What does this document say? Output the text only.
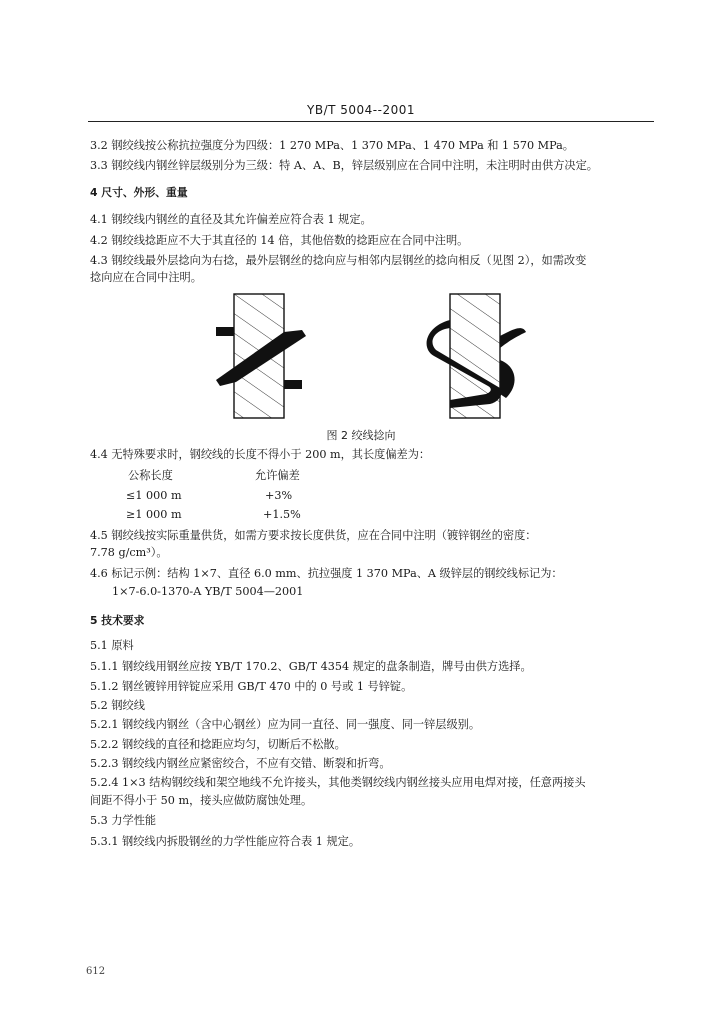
YB/T 5004--2001
3.2 钢绞线按公称抗拉强度分为四级：1 270 MPa、1 370 MPa、1 470 MPa 和 1 570 MPa。
3.3 钢绞线内钢丝锌层级别分为三级：特 A、A、B，锌层级别应在合同中注明，未注明时由供方决定。
4 尺寸、外形、重量
4.1 钢绞线内钢丝的直径及其允许偏差应符合表 1 规定。
4.2 钢绞线捻距应不大于其直径的 14 倍，其他倍数的捻距应在合同中注明。
4.3 钢绞线最外层捻向为右捻，最外层钢丝的捻向应与相邻内层钢丝的捻向相反（见图 2），如需改变
捻向应在合同中注明。
图 2 绞线捻向
4.4 无特殊要求时，钢绞线的长度不得小于 200 m，其长度偏差为：
公称长度	允许偏差
≤1 000 m	+3%
≥1 000 m	+1.5%
4.5 钢绞线按实际重量供货，如需方要求按长度供货，应在合同中注明（镀锌钢丝的密度：
7.78 g/cm³）。
4.6 标记示例：结构 1×7、直径 6.0 mm、抗拉强度 1 370 MPa、A 级锌层的钢绞线标记为：
1×7-6.0-1370-A YB/T 5004—2001
5 技术要求
5.1 原料
5.1.1 钢绞线用钢丝应按 YB/T 170.2、GB/T 4354 规定的盘条制造，牌号由供方选择。
5.1.2 钢丝镀锌用锌锭应采用 GB/T 470 中的 0 号或 1 号锌锭。
5.2 钢绞线
5.2.1 钢绞线内钢丝（含中心钢丝）应为同一直径、同一强度、同一锌层级别。
5.2.2 钢绞线的直径和捻距应均匀，切断后不松散。
5.2.3 钢绞线内钢丝应紧密绞合，不应有交错、断裂和折弯。
5.2.4 1×3 结构钢绞线和架空地线不允许接头，其他类钢绞线内钢丝接头应用电焊对接，任意两接头
间距不得小于 50 m，接头应做防腐蚀处理。
5.3 力学性能
5.3.1 钢绞线内拆股钢丝的力学性能应符合表 1 规定。
612
